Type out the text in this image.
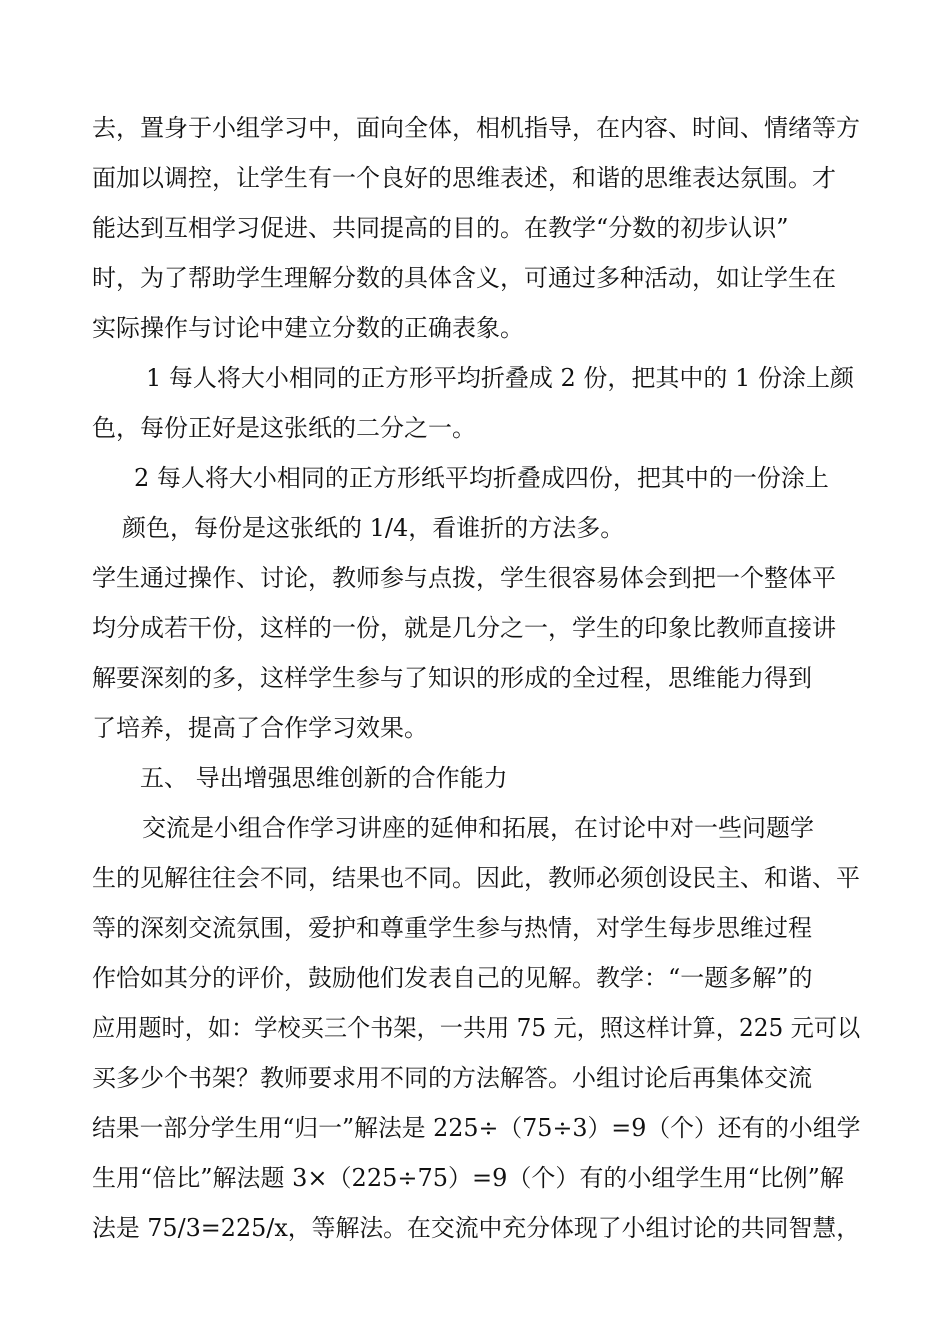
去，置身于小组学习中，面向全体，相机指导，在内容、时间、情绪等方
面加以调控，让学生有一个良好的思维表述，和谐的思维表达氛围。才
能达到互相学习促进、共同提高的目的。在教学“分数的初步认识”
时，为了帮助学生理解分数的具体含义，可通过多种活动，如让学生在
实际操作与讨论中建立分数的正确表象。
1 每人将大小相同的正方形平均折叠成 2 份，把其中的 1 份涂上颜
色，每份正好是这张纸的二分之一。
2 每人将大小相同的正方形纸平均折叠成四份，把其中的一份涂上
颜色，每份是这张纸的 1/4，看谁折的方法多。
学生通过操作、讨论，教师参与点拨，学生很容易体会到把一个整体平
均分成若干份，这样的一份，就是几分之一，学生的印象比教师直接讲
解要深刻的多，这样学生参与了知识的形成的全过程，思维能力得到
了培养，提高了合作学习效果。
五、 导出增强思维创新的合作能力
交流是小组合作学习讲座的延伸和拓展，在讨论中对一些问题学
生的见解往往会不同，结果也不同。因此，教师必须创设民主、和谐、平
等的深刻交流氛围，爱护和尊重学生参与热情，对学生每步思维过程
作恰如其分的评价，鼓励他们发表自己的见解。教学：“一题多解”的
应用题时，如：学校买三个书架，一共用 75 元，照这样计算，225 元可以
买多少个书架？教师要求用不同的方法解答。小组讨论后再集体交流
结果一部分学生用“归一”解法是 225÷（75÷3）=9（个）还有的小组学
生用“倍比”解法题 3×（225÷75）=9（个）有的小组学生用“比例”解
法是 75/3=225/x，等解法。在交流中充分体现了小组讨论的共同智慧，
